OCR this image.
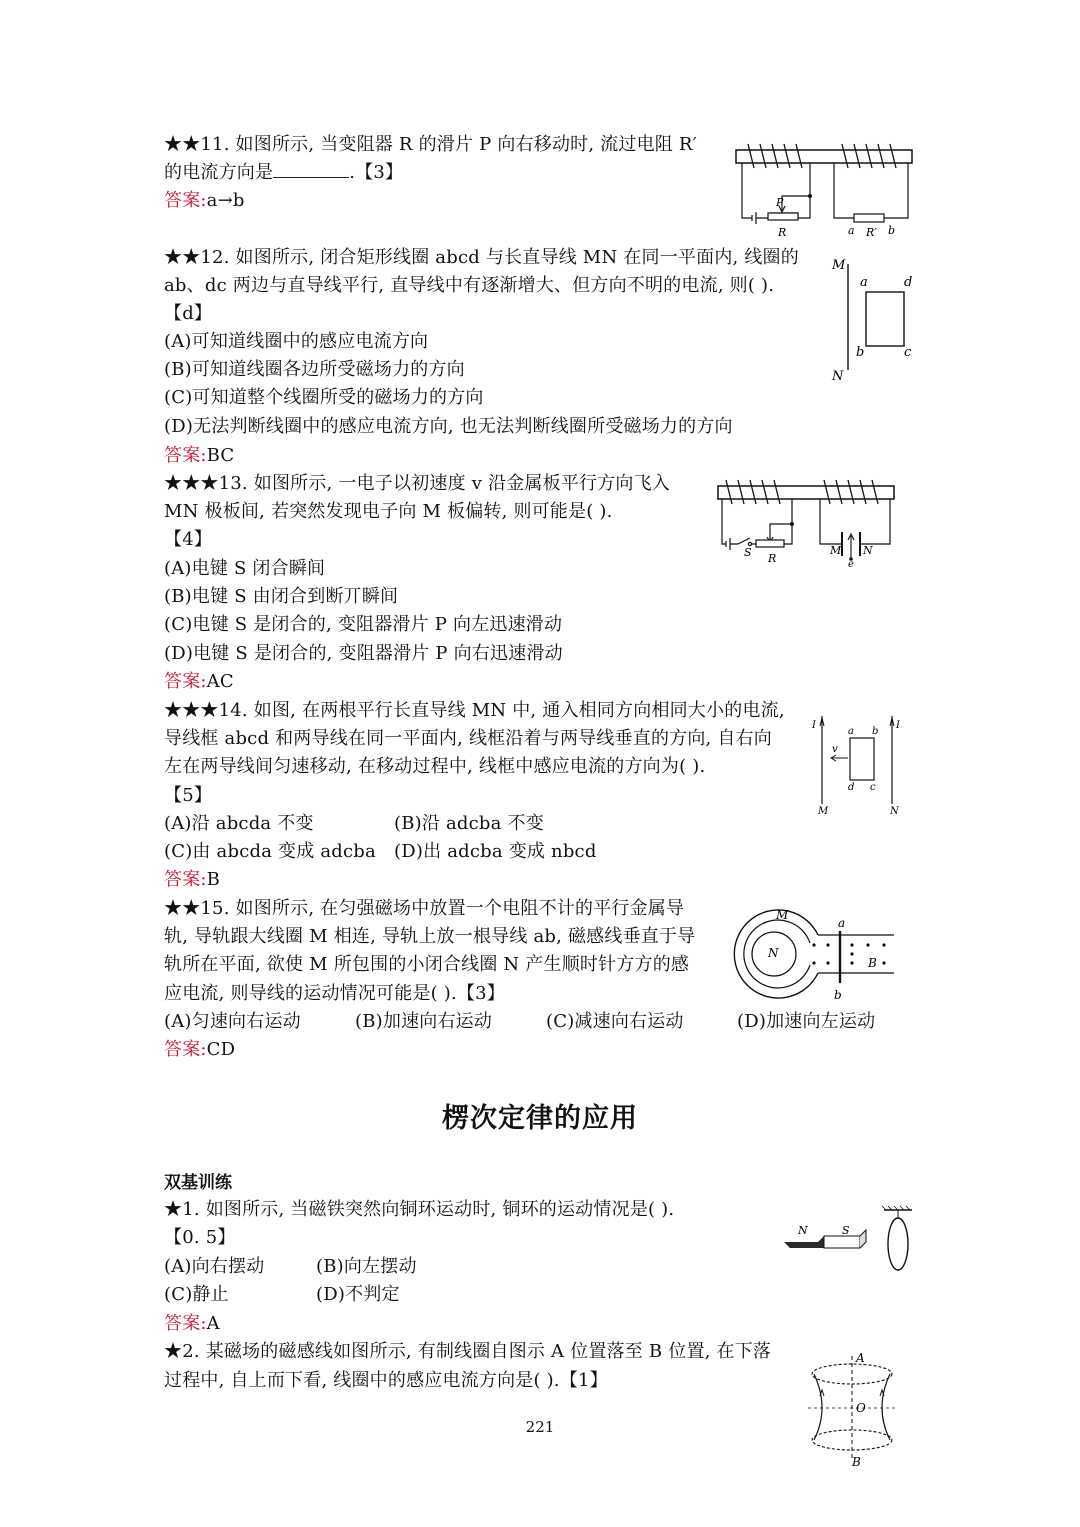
★★11. 如图所示, 当变阻器 R 的滑片 P 向右移动时, 流过电阻 R′
的电流方向是	.【3】
答案:a→b	P
R	a R′ b
★★12. 如图所示, 闭合矩形线圈 abcd 与长直导线 MN 在同一平面内, 线圈的
ab、dc 两边与直导线平行, 直导线中有逐渐增大、但方向不明的电流, 则( ).
【d】
(A)可知道线圈中的感应电流方向
(B)可知道线圈各边所受磁场力的方向
(C)可知道整个线圈所受的磁场力的方向
(D)无法判断线圈中的感应电流方向, 也无法判断线圈所受磁场力的方向
答案:BC
M
N
a	d
b	c
★★★13. 如图所示, 一电子以初速度 v 沿金属板平行方向飞入
MN 极板间, 若突然发现电子向 M 板偏转, 则可能是( ).
【4】
(A)电键 S 闭合瞬间
(B)电键 S 由闭合到断丌瞬间
(C)电键 S 是闭合的, 变阻器滑片 P 向左迅速滑动
(D)电键 S 是闭合的, 变阻器滑片 P 向右迅速滑动
答案:AC
S R
M N
e
★★★14. 如图, 在两根平行长直导线 MN 中, 通入相同方向相同大小的电流,
导线框 abcd 和两导线在同一平面内, 线框沿着与两导线垂直的方向, 自右向
左在两导线间匀速移动, 在移动过程中, 线框中感应电流的方向为( ).
【5】
(A)沿 abcda 不变	(B)沿 adcba 不变
(C)由 abcda 变成 adcba (D)出 adcba 变成 nbcd
答案:B
I	I
a b
c
d
v
M	N
★★15. 如图所示, 在匀强磁场中放置一个电阻不计的平行金属导
轨, 导轨跟大线圈 M 相连, 导轨上放一根导线 ab, 磁感线垂直于导
轨所在平面, 欲使 M 所包围的小闭合线圈 N 产生顺时针方方的感
应电流, 则导线的运动情况可能是( ).【3】
(A)匀速向右运动	(B)加速向右运动	(C)减速向右运动	(D)加速向左运动
答案:CD
M
N
a
b
B
楞次定律的应用
双基训练
★1. 如图所示, 当磁铁突然向铜环运动时, 铜环的运动情况是( ).
【0. 5】
(A)向右摆动	(B)向左摆动
(C)静止	(D)不判定
答案:A
N	S
★2. 某磁场的磁感线如图所示, 有制线圈自图示 A 位置落至 B 位置, 在下落
过程中, 自上而下看, 线圈中的感应电流方向是( ).【1】
A
O
B
221
